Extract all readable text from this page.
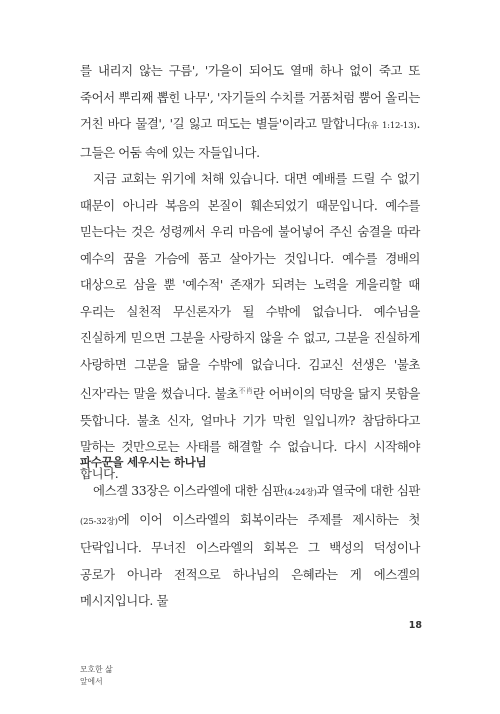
를 내리지 않는 구름', '가을이 되어도 열매 하나 없이 죽고 또 죽어서 뿌리째 뽑힌 나무', '자기들의 수치를 거품처럼 뿜어 올리는 거친 바다 물결', '길 잃고 떠도는 별들'이라고 말합니다(유 1:12-13). 그들은 어둠 속에 있는 자들입니다.

지금 교회는 위기에 처해 있습니다. 대면 예배를 드릴 수 없기 때문이 아니라 복음의 본질이 훼손되었기 때문입니다. 예수를 믿는다는 것은 성령께서 우리 마음에 불어넣어 주신 숨결을 따라 예수의 꿈을 가슴에 품고 살아가는 것입니다. 예수를 경배의 대상으로 삼을 뿐 '예수적' 존재가 되려는 노력을 게을리할 때 우리는 실천적 무신론자가 될 수밖에 없습니다. 예수님을 진실하게 믿으면 그분을 사랑하지 않을 수 없고, 그분을 진실하게 사랑하면 그분을 닮을 수밖에 없습니다. 김교신 선생은 '불초 신자'라는 말을 썼습니다. 불초$^{不肖}$란 어버이의 덕망을 닮지 못함을 뜻합니다. 불초 신자, 얼마나 기가 막힌 일입니까? 참담하다고 말하는 것만으로는 사태를 해결할 수 없습니다. 다시 시작해야 합니다.

파수꾼을 세우시는 하나님

에스겔 33장은 이스라엘에 대한 심판(4-24장)과 열국에 대한 심판(25-32장)에 이어 이스라엘의 회복이라는 주제를 제시하는 첫 단락입니다. 무너진 이스라엘의 회복은 그 백성의 덕성이나 공로가 아니라 전적으로 하나님의 은혜라는 게 에스겔의 메시지입니다. 물

18
모호한 삶
앞에서
